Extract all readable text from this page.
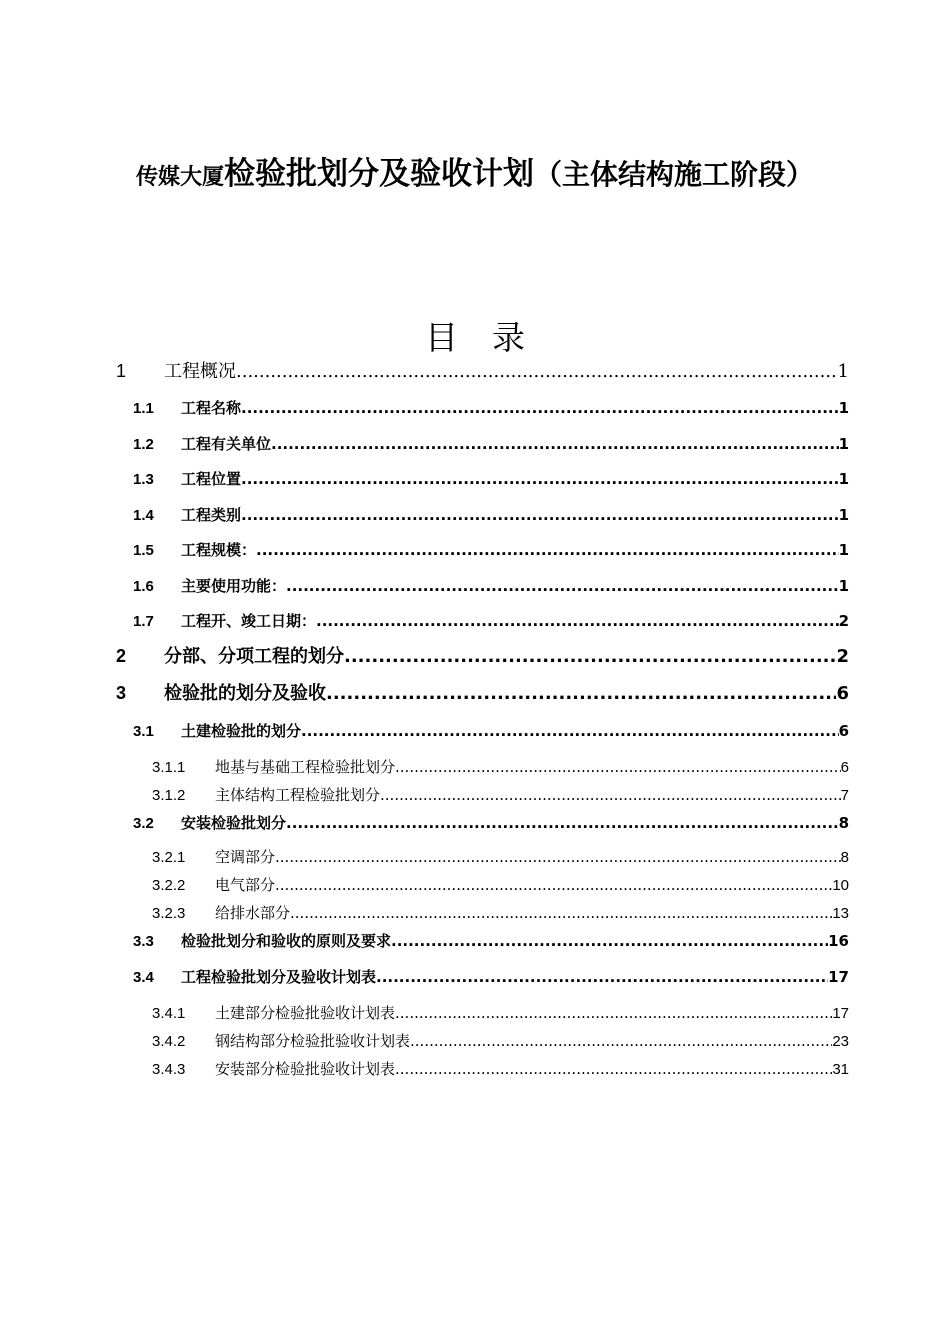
传媒大厦检验批划分及验收计划（主体结构施工阶段）
目录
1	工程概况 .....	1
1.1	工程名称 .....	1
1.2	工程有关单位 .....	1
1.3	工程位置 .....	1
1.4	工程类别 .....	1
1.5	工程规模： .....	1
1.6	主要使用功能： .....	1
1.7	工程开、竣工日期： .....	2
2	分部、分项工程的划分 .....	2
3	检验批的划分及验收 .....	6
3.1	土建检验批的划分 .....	6
3.1.1	地基与基础工程检验批划分 .....	6
3.1.2	主体结构工程检验批划分 .....	7
3.2	安装检验批划分 .....	8
3.2.1	空调部分 .....	8
3.2.2	电气部分 .....	10
3.2.3	给排水部分 .....	13
3.3	检验批划分和验收的原则及要求 .....	16
3.4	工程检验批划分及验收计划表 .....	17
3.4.1	土建部分检验批验收计划表 .....	17
3.4.2	钢结构部分检验批验收计划表 .....	23
3.4.3	安装部分检验批验收计划表 .....	31
